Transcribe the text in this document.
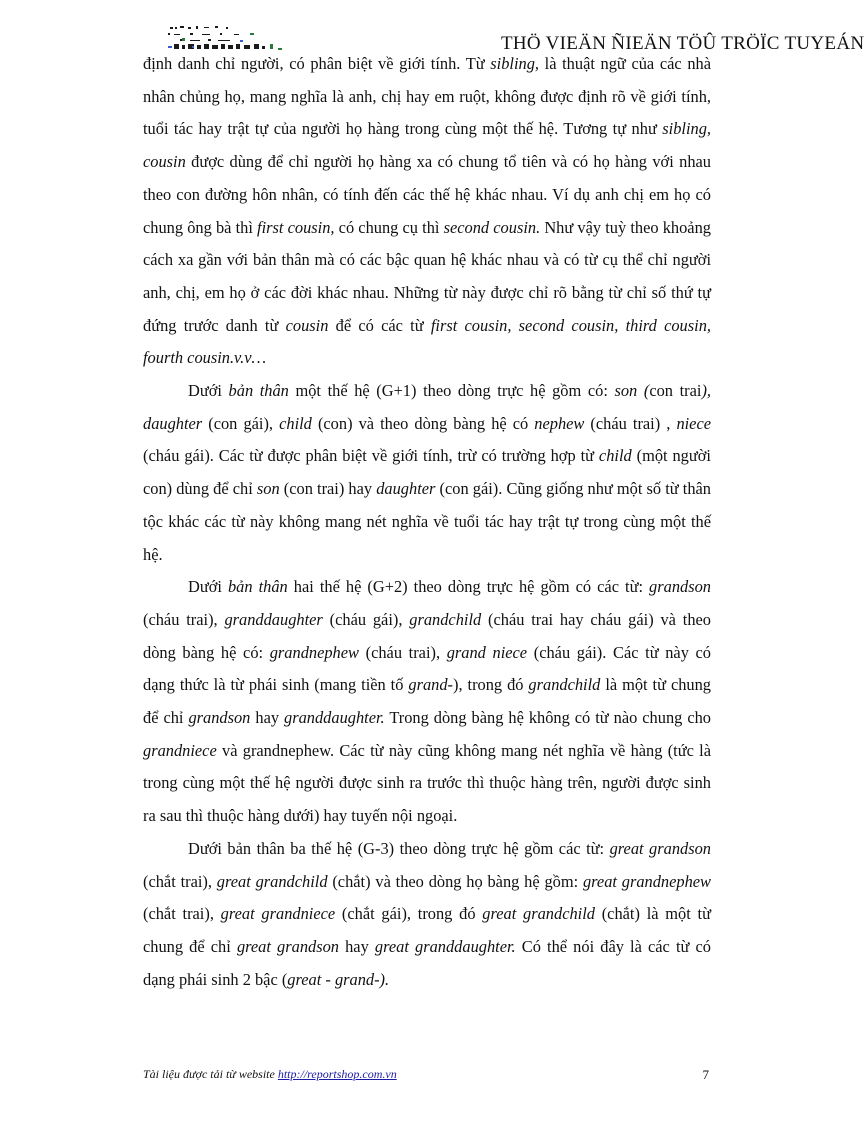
THÖ VIEÄN ÑIEÄN TÖÛ TRÖÏC TUYEÁN

định danh chỉ người, có phân biệt về giới tính. Từ sibling, là thuật ngữ của các nhà nhân chủng họ, mang nghĩa là anh, chị hay em ruột, không được định rõ về giới tính, tuổi tác hay trật tự của người họ hàng trong cùng một thế hệ. Tương tự như sibling, cousin được dùng để chỉ người họ hàng xa có chung tổ tiên và có họ hàng với nhau theo con đường hôn nhân, có tính đến các thế hệ khác nhau. Ví dụ anh chị em họ có chung ông bà thì first cousin, có chung cụ thì second cousin. Như vậy tuỳ theo khoảng cách xa gần với bản thân mà có các bậc quan hệ khác nhau và có từ cụ thể chỉ người anh, chị, em họ ở các đời khác nhau. Những từ này được chỉ rõ bằng từ chỉ số thứ tự đứng trước danh từ cousin để có các từ first cousin, second cousin, third cousin, fourth cousin.v.v…

Dưới bản thân một thế hệ (G+1) theo dòng trực hệ gồm có: son (con trai), daughter (con gái), child (con) và theo dòng bàng hệ có nephew (cháu trai) , niece (cháu gái). Các từ được phân biệt về giới tính, trừ có trường hợp từ child (một người con) dùng để chỉ son (con trai) hay daughter (con gái). Cũng giống như một số từ thân tộc khác các từ này không mang nét nghĩa về tuổi tác hay trật tự trong cùng một thế hệ.

Dưới bản thân hai thế hệ (G+2) theo dòng trực hệ gồm có các từ: grandson (cháu trai), granddaughter (cháu gái), grandchild (cháu trai hay cháu gái) và theo dòng bàng hệ có: grandnephew (cháu trai), grand niece (cháu gái). Các từ này có dạng thức là từ phái sinh (mang tiền tố grand-), trong đó grandchild là một từ chung để chỉ grandson hay granddaughter. Trong dòng bàng hệ không có từ nào chung cho grandniece và grandnephew. Các từ này cũng không mang nét nghĩa về hàng (tức là trong cùng một thế hệ người được sinh ra trước thì thuộc hàng trên, người được sinh ra sau thì thuộc hàng dưới) hay tuyến nội ngoại.

Dưới bản thân ba thế hệ (G-3) theo dòng trực hệ gồm các từ: great grandson (chắt trai), great grandchild (chắt) và theo dòng họ bàng hệ gồm: great grandnephew (chắt trai), great grandniece (chắt gái), trong đó great grandchild (chắt) là một từ chung để chỉ great grandson hay great granddaughter. Có thể nói đây là các từ có dạng phái sinh 2 bậc (great - grand-).

Tài liệu được tải từ website http://reportshop.com.vn	7
